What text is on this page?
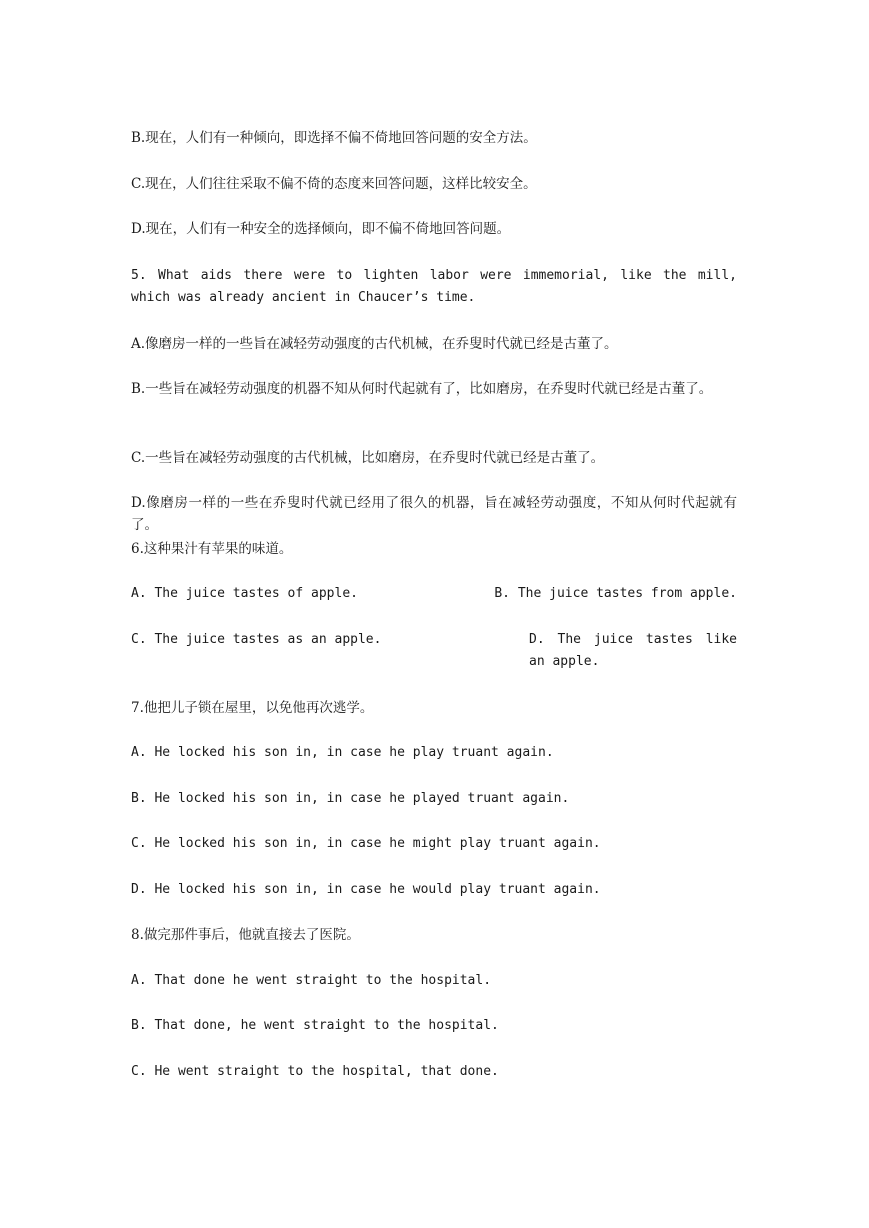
B.现在，人们有一种倾向，即选择不偏不倚地回答问题的安全方法。
C.现在，人们往往采取不偏不倚的态度来回答问题，这样比较安全。
D.现在，人们有一种安全的选择倾向，即不偏不倚地回答问题。
5. What aids there were to lighten labor were immemorial, like the mill, which was already ancient in Chaucer’s time.
A.像磨房一样的一些旨在减轻劳动强度的古代机械，在乔叟时代就已经是古董了。
B.一些旨在减轻劳动强度的机器不知从何时代起就有了，比如磨房，在乔叟时代就已经是古董了。
C.一些旨在减轻劳动强度的古代机械，比如磨房，在乔叟时代就已经是古董了。
D.像磨房一样的一些在乔叟时代就已经用了很久的机器，旨在减轻劳动强度，不知从何时代起就有了。
6.这种果汁有苹果的味道。
A. The juice tastes of apple.	B. The juice tastes from apple.
C. The juice tastes as an apple.	D. The juice tastes like an apple.
7.他把儿子锁在屋里，以免他再次逃学。
A. He locked his son in, in case he play truant again.
B. He locked his son in, in case he played truant again.
C. He locked his son in, in case he might play truant again.
D. He locked his son in, in case he would play truant again.
8.做完那件事后，他就直接去了医院。
A. That done he went straight to the hospital.
B. That done, he went straight to the hospital.
C. He went straight to the hospital, that done.
